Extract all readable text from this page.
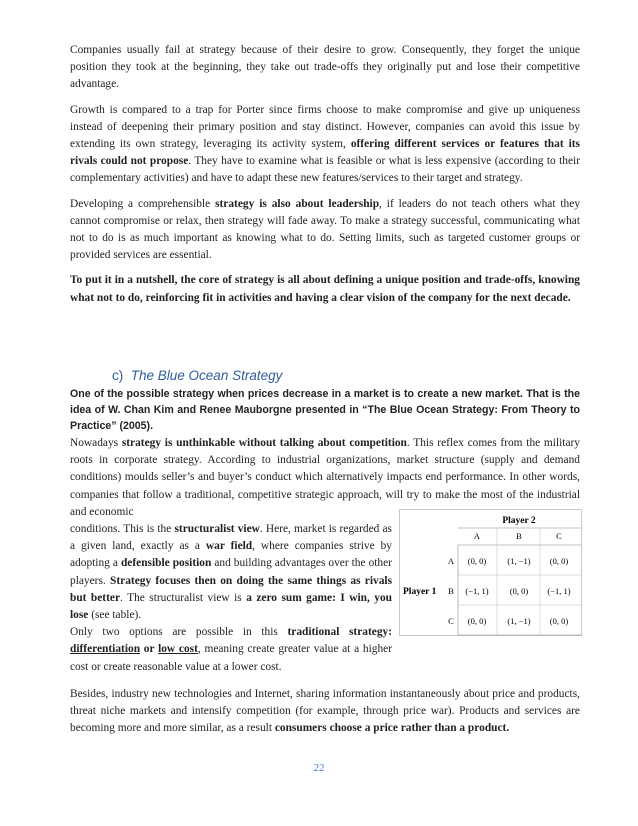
Companies usually fail at strategy because of their desire to grow. Consequently, they forget the unique position they took at the beginning, they take out trade-offs they originally put and lose their competitive advantage.

Growth is compared to a trap for Porter since firms choose to make compromise and give up uniqueness instead of deepening their primary position and stay distinct. However, companies can avoid this issue by extending its own strategy, leveraging its activity system, offering different services or features that its rivals could not propose. They have to examine what is feasible or what is less expensive (according to their complementary activities) and have to adapt these new features/services to their target and strategy.

Developing a comprehensible strategy is also about leadership, if leaders do not teach others what they cannot compromise or relax, then strategy will fade away. To make a strategy successful, communicating what not to do is as much important as knowing what to do. Setting limits, such as targeted customer groups or provided services are essential.

To put it in a nutshell, the core of strategy is all about defining a unique position and trade-offs, knowing what not to do, reinforcing fit in activities and having a clear vision of the company for the next decade.

c) The Blue Ocean Strategy

One of the possible strategy when prices decrease in a market is to create a new market. That is the idea of W. Chan Kim and Renee Mauborgne presented in “The Blue Ocean Strategy: From Theory to Practice” (2005).

Nowadays strategy is unthinkable without talking about competition. This reflex comes from the military roots in corporate strategy. According to industrial organizations, market structure (supply and demand conditions) moulds seller’s and buyer’s conduct which alternatively impacts end performance. In other words, companies that follow a traditional, competitive strategic approach, will try to make the most of the industrial and economic

conditions. This is the structuralist view. Here, market is regarded as a given land, exactly as a war field, where companies strive by adopting a defensible position and building advantages over the other players. Strategy focuses then on doing the same things as rivals but better. The structuralist view is a zero sum game: I win, you lose (see table).

Only two options are possible in this traditional strategy: differentiation or low cost, meaning create greater value at a higher cost or create reasonable value at a lower cost.

Player 2
A	B	C
Player 1
A
B
C
(0, 0) (1, −1) (0, 0)
(−1, 1) (0, 0) (−1, 1)
(0, 0) (1, −1) (0, 0)

Besides, industry new technologies and Internet, sharing information instantaneously about price and products, threat niche markets and intensify competition (for example, through price war). Products and services are becoming more and more similar, as a result consumers choose a price rather than a product.

22
